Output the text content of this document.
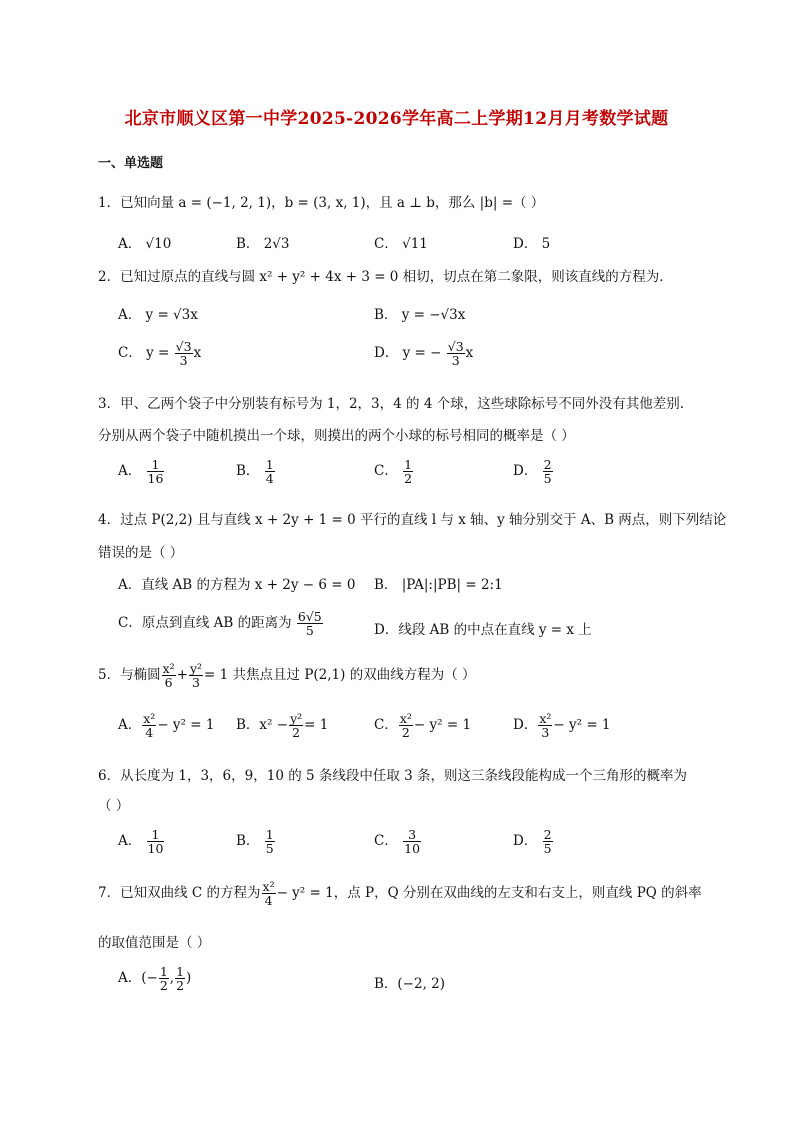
北京市顺义区第一中学2025-2026学年高二上学期12月月考数学试题
一、单选题
1．已知向量 a = (−1, 2, 1)，b = (3, x, 1)，且 a ⊥ b，那么 |b| =（ ）
A． √10	B． 2√3	C． √11	D． 5
2．已知过原点的直线与圆 x² + y² + 4x + 3 = 0 相切，切点在第二象限，则该直线的方程为．
A． y = √3x	B． y = −√3x
C． $y = \frac{√3}{3}$ x	D． y = − $\frac{√3}{3}$ x
3．甲、乙两个袋子中分别装有标号为 1，2，3，4 的 4 个球，这些球除标号不同外没有其他差别.
分别从两个袋子中随机摸出一个球，则摸出的两个小球的标号相同的概率是（ ）
A． $\frac{1}{16}$	B． $\frac{1}{4}$	C． $\frac{1}{2}$	D． $\frac{2}{5}$
4．过点 P(2,2) 且与直线 x + 2y + 1 = 0 平行的直线 l 与 x 轴、y 轴分别交于 A、B 两点，则下列结论
错误的是（ ）
A．直线 AB 的方程为 x + 2y − 6 = 0 B． |PA|:|PB| = 2:1
C．原点到直线 AB 的距离为 $\frac{6√5}{5}$	D．线段 AB 的中点在直线 y = x 上
5．与椭圆 $\frac{\text{x²}}{6} + \frac{\text{y²}}{3} = 1$ 共焦点且过 P(2,1) 的双曲线方程为（ ）
A． $\frac{\text{x²}}{4} - y^2 = 1$ B．$x^2 - \frac{\text{y²}}{2} = 1$	C． $\frac{\text{x²}}{2} - y^2 = 1$	D． $\frac{\text{x²}}{3} - y^2 = 1$
6．从长度为 1，3，6，9，10 的 5 条线段中任取 3 条，则这三条线段能构成一个三角形的概率为
（ ）
A． $\frac{1}{10}$	B． $\frac{1}{5}$	C． $\frac{3}{10}$	D． $\frac{2}{5}$
7．已知双曲线 C 的方程为 $\frac{\text{x²}}{4} - y^2 = 1$，点 P，Q 分别在双曲线的左支和右支上，则直线 PQ 的斜率
的取值范围是（ ）
A．(− $\frac{1}{2}$ , $\frac{1}{2}$ )	B．(−2, 2)
